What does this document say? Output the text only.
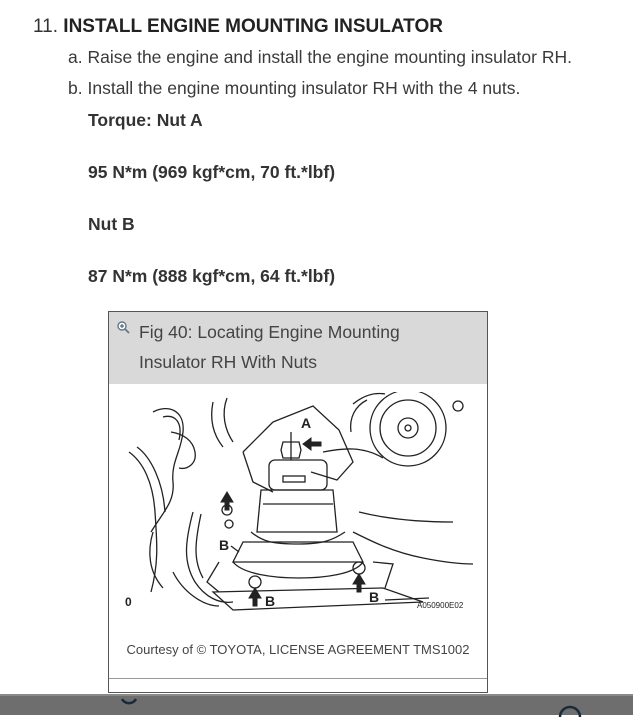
11. INSTALL ENGINE MOUNTING INSULATOR
a. Raise the engine and install the engine mounting insulator RH.
b. Install the engine mounting insulator RH with the 4 nuts.
Torque: Nut A
95 N*m (969 kgf*cm, 70 ft.*lbf)
Nut B
87 N*m (888 kgf*cm, 64 ft.*lbf)
Fig 40: Locating Engine Mounting Insulator RH With Nuts
A
B
B	B
A050900E02
0
Courtesy of © TOYOTA, LICENSE AGREEMENT TMS1002
